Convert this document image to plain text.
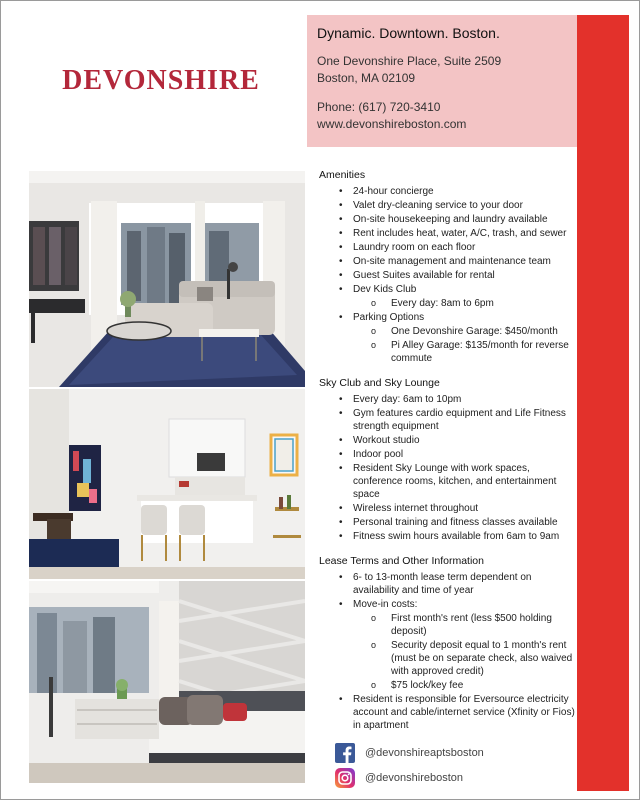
DEVONSHIRE
Dynamic. Downtown. Boston.
One Devonshire Place, Suite 2509
Boston, MA 02109
Phone: (617) 720-3410
www.devonshireboston.com
Amenities
• 24-hour concierge
• Valet dry-cleaning service to your door
• On-site housekeeping and laundry available
• Rent includes heat, water, A/C, trash, and sewer
• Laundry room on each floor
• On-site management and maintenance team
• Guest Suites available for rental
• Dev Kids Club
o Every day: 8am to 6pm
• Parking Options
o One Devonshire Garage: $450/month
o Pi Alley Garage: $135/month for reverse commute
Sky Club and Sky Lounge
• Every day: 6am to 10pm
• Gym features cardio equipment and Life Fitness strength equipment
• Workout studio
• Indoor pool
• Resident Sky Lounge with work spaces, conference rooms, kitchen, and entertainment space
• Wireless internet throughout
• Personal training and fitness classes available
• Fitness swim hours available from 6am to 9am
Lease Terms and Other Information
• 6- to 13-month lease term dependent on availability and time of year
• Move-in costs:
o First month's rent (less $500 holding deposit)
o Security deposit equal to 1 month's rent (must be on separate check, also waived with approved credit)
o $75 lock/key fee
• Resident is responsible for Eversource electricity account and cable/internet service (Xfinity or Fios) in apartment
@devonshireaptsboston
@devonshireboston
